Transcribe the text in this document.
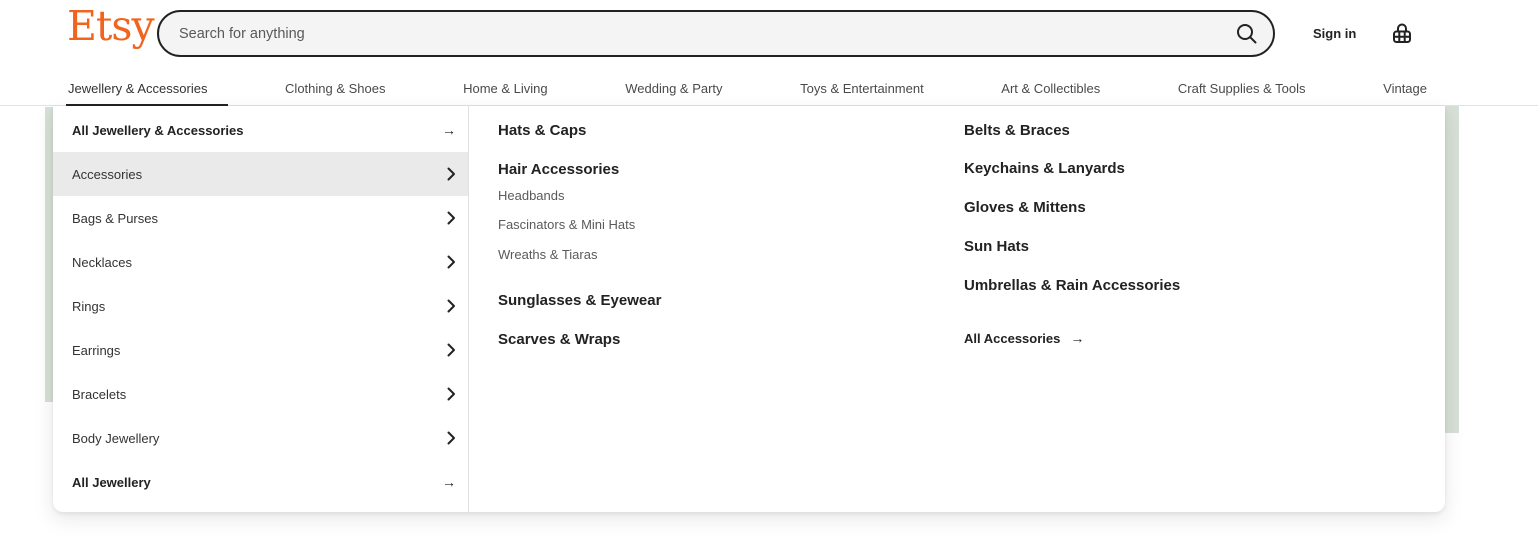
Etsy
Search for anything	Sign in
Jewellery & Accessories	Clothing & Shoes	Home & Living	Wedding & Party	Toys & Entertainment	Art & Collectibles	Craft Supplies & Tools	Vintage
All Jewellery & Accessories	→
Accessories
Bags & Purses
Necklaces
Rings
Earrings
Bracelets
Body Jewellery
All Jewellery	→
Hats & Caps
Hair Accessories
Headbands
Fascinators & Mini Hats
Wreaths & Tiaras
Sunglasses & Eyewear
Scarves & Wraps
Belts & Braces
Keychains & Lanyards
Gloves & Mittens
Sun Hats
Umbrellas & Rain Accessories
All Accessories →
